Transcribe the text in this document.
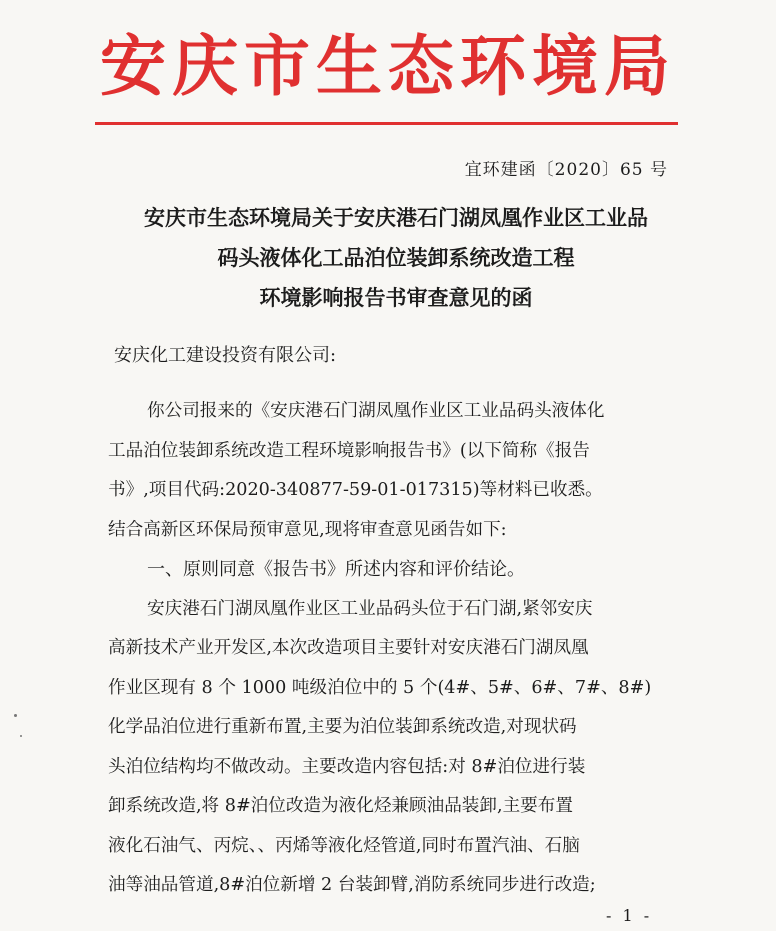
安庆市生态环境局
宜环建函〔2020〕65 号
安庆市生态环境局关于安庆港石门湖凤凰作业区工业品
码头液体化工品泊位装卸系统改造工程
环境影响报告书审查意见的函
安庆化工建设投资有限公司:
你公司报来的《安庆港石门湖凤凰作业区工业品码头液体化
工品泊位装卸系统改造工程环境影响报告书》(以下简称《报告
书》,项目代码:2020-340877-59-01-017315)等材料已收悉。
结合高新区环保局预审意见,现将审查意见函告如下:
一、原则同意《报告书》所述内容和评价结论。
安庆港石门湖凤凰作业区工业品码头位于石门湖,紧邻安庆
高新技术产业开发区,本次改造项目主要针对安庆港石门湖凤凰
作业区现有 8 个 1000 吨级泊位中的 5 个(4#、5#、6#、7#、8#)
化学品泊位进行重新布置,主要为泊位装卸系统改造,对现状码
头泊位结构均不做改动。主要改造内容包括:对 8#泊位进行装
卸系统改造,将 8#泊位改造为液化烃兼顾油品装卸,主要布置
液化石油气、丙烷、、丙烯等液化烃管道,同时布置汽油、石脑
油等油品管道,8#泊位新增 2 台装卸臂,消防系统同步进行改造;
- 1 -
